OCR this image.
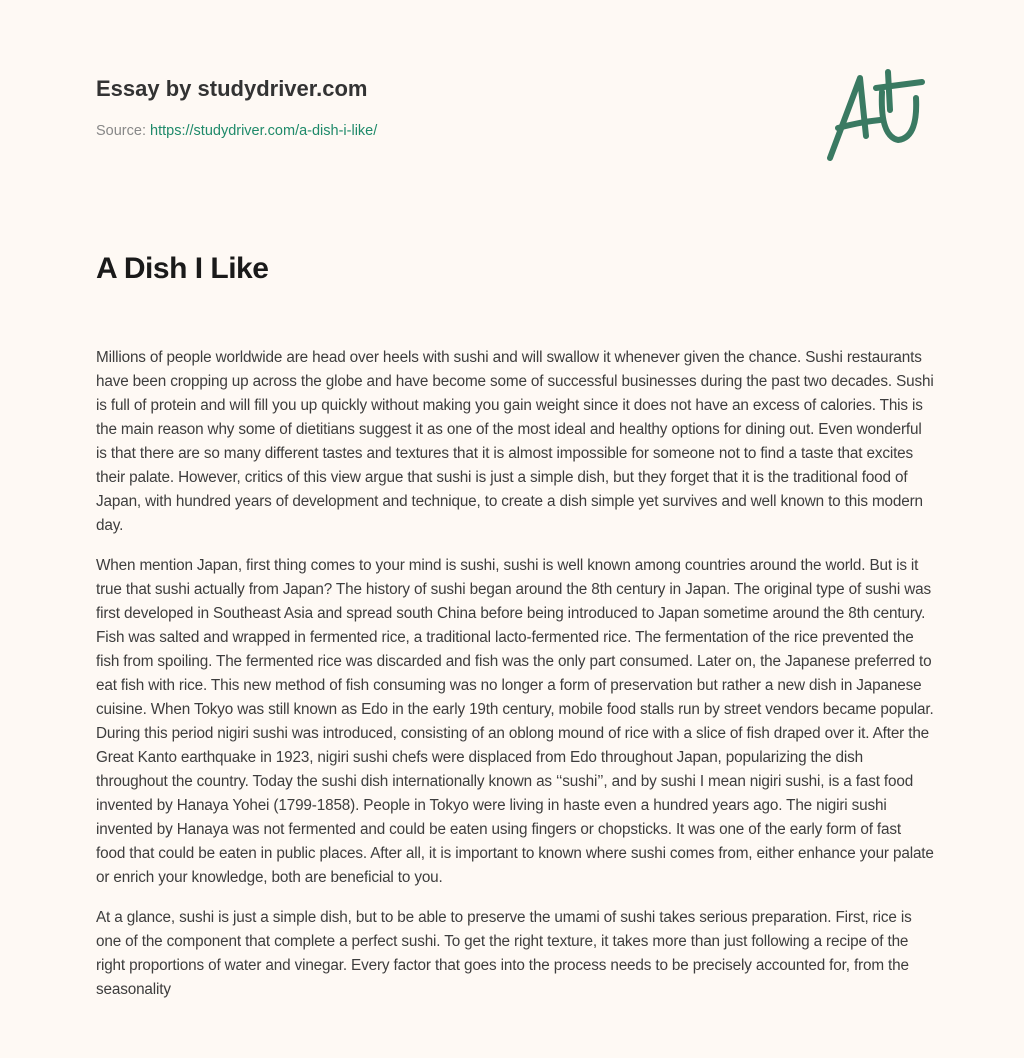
Essay by studydriver.com
Source: https://studydriver.com/a-dish-i-like/
A Dish I Like

Millions of people worldwide are head over heels with sushi and will swallow it whenever given the chance. Sushi restaurants have been cropping up across the globe and have become some of successful businesses during the past two decades. Sushi is full of protein and will fill you up quickly without making you gain weight since it does not have an excess of calories. This is the main reason why some of dietitians suggest it as one of the most ideal and healthy options for dining out. Even wonderful is that there are so many different tastes and textures that it is almost impossible for someone not to find a taste that excites their palate. However, critics of this view argue that sushi is just a simple dish, but they forget that it is the traditional food of Japan, with hundred years of development and technique, to create a dish simple yet survives and well known to this modern day.

When mention Japan, first thing comes to your mind is sushi, sushi is well known among countries around the world. But is it true that sushi actually from Japan? The history of sushi began around the 8th century in Japan. The original type of sushi was first developed in Southeast Asia and spread south China before being introduced to Japan sometime around the 8th century. Fish was salted and wrapped in fermented rice, a traditional lacto-fermented rice. The fermentation of the rice prevented the fish from spoiling. The fermented rice was discarded and fish was the only part consumed. Later on, the Japanese preferred to eat fish with rice. This new method of fish consuming was no longer a form of preservation but rather a new dish in Japanese cuisine. When Tokyo was still known as Edo in the early 19th century, mobile food stalls run by street vendors became popular. During this period nigiri sushi was introduced, consisting of an oblong mound of rice with a slice of fish draped over it. After the Great Kanto earthquake in 1923, nigiri sushi chefs were displaced from Edo throughout Japan, popularizing the dish throughout the country. Today the sushi dish internationally known as ‘‘sushi’’, and by sushi I mean nigiri sushi, is a fast food invented by Hanaya Yohei (1799-1858). People in Tokyo were living in haste even a hundred years ago. The nigiri sushi invented by Hanaya was not fermented and could be eaten using fingers or chopsticks. It was one of the early form of fast food that could be eaten in public places. After all, it is important to known where sushi comes from, either enhance your palate or enrich your knowledge, both are beneficial to you.

At a glance, sushi is just a simple dish, but to be able to preserve the umami of sushi takes serious preparation. First, rice is one of the component that complete a perfect sushi. To get the right texture, it takes more than just following a recipe of the right proportions of water and vinegar. Every factor that goes into the process needs to be precisely accounted for, from the seasonality
